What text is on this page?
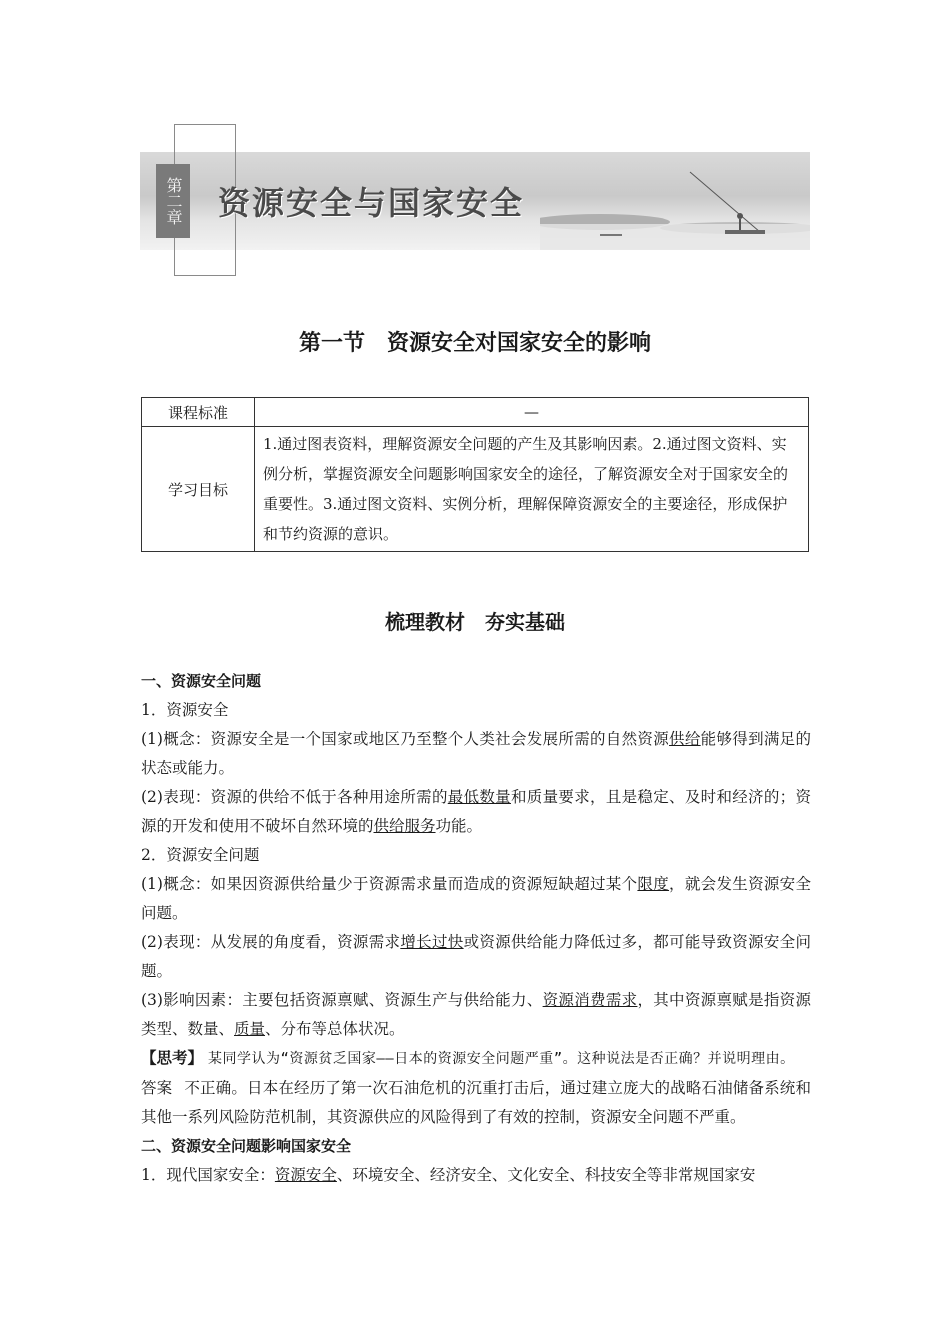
第二章 资源安全与国家安全
第一节　资源安全对国家安全的影响
课程标准	—
学习目标	1.通过图表资料，理解资源安全问题的产生及其影响因素。2.通过图文资料、实例分析，掌握资源安全问题影响国家安全的途径，了解资源安全对于国家安全的重要性。3.通过图文资料、实例分析，理解保障资源安全的主要途径，形成保护和节约资源的意识。
梳理教材　夯实基础

一、资源安全问题

1．资源安全

(1)概念：资源安全是一个国家或地区乃至整个人类社会发展所需的自然资源供给能够得到满足的状态或能力。

(2)表现：资源的供给不低于各种用途所需的最低数量和质量要求，且是稳定、及时和经济的；资源的开发和使用不破坏自然环境的供给服务功能。

2．资源安全问题

(1)概念：如果因资源供给量少于资源需求量而造成的资源短缺超过某个限度，就会发生资源安全问题。

(2)表现：从发展的角度看，资源需求增长过快或资源供给能力降低过多，都可能导致资源安全问题。

(3)影响因素：主要包括资源禀赋、资源生产与供给能力、资源消费需求，其中资源禀赋是指资源类型、数量、质量、分布等总体状况。

【思考】 某同学认为“资源贫乏国家——日本的资源安全问题严重”。这种说法是否正确？并说明理由。

答案 不正确。日本在经历了第一次石油危机的沉重打击后，通过建立庞大的战略石油储备系统和其他一系列风险防范机制，其资源供应的风险得到了有效的控制，资源安全问题不严重。

二、资源安全问题影响国家安全

1．现代国家安全：资源安全、环境安全、经济安全、文化安全、科技安全等非常规国家安
